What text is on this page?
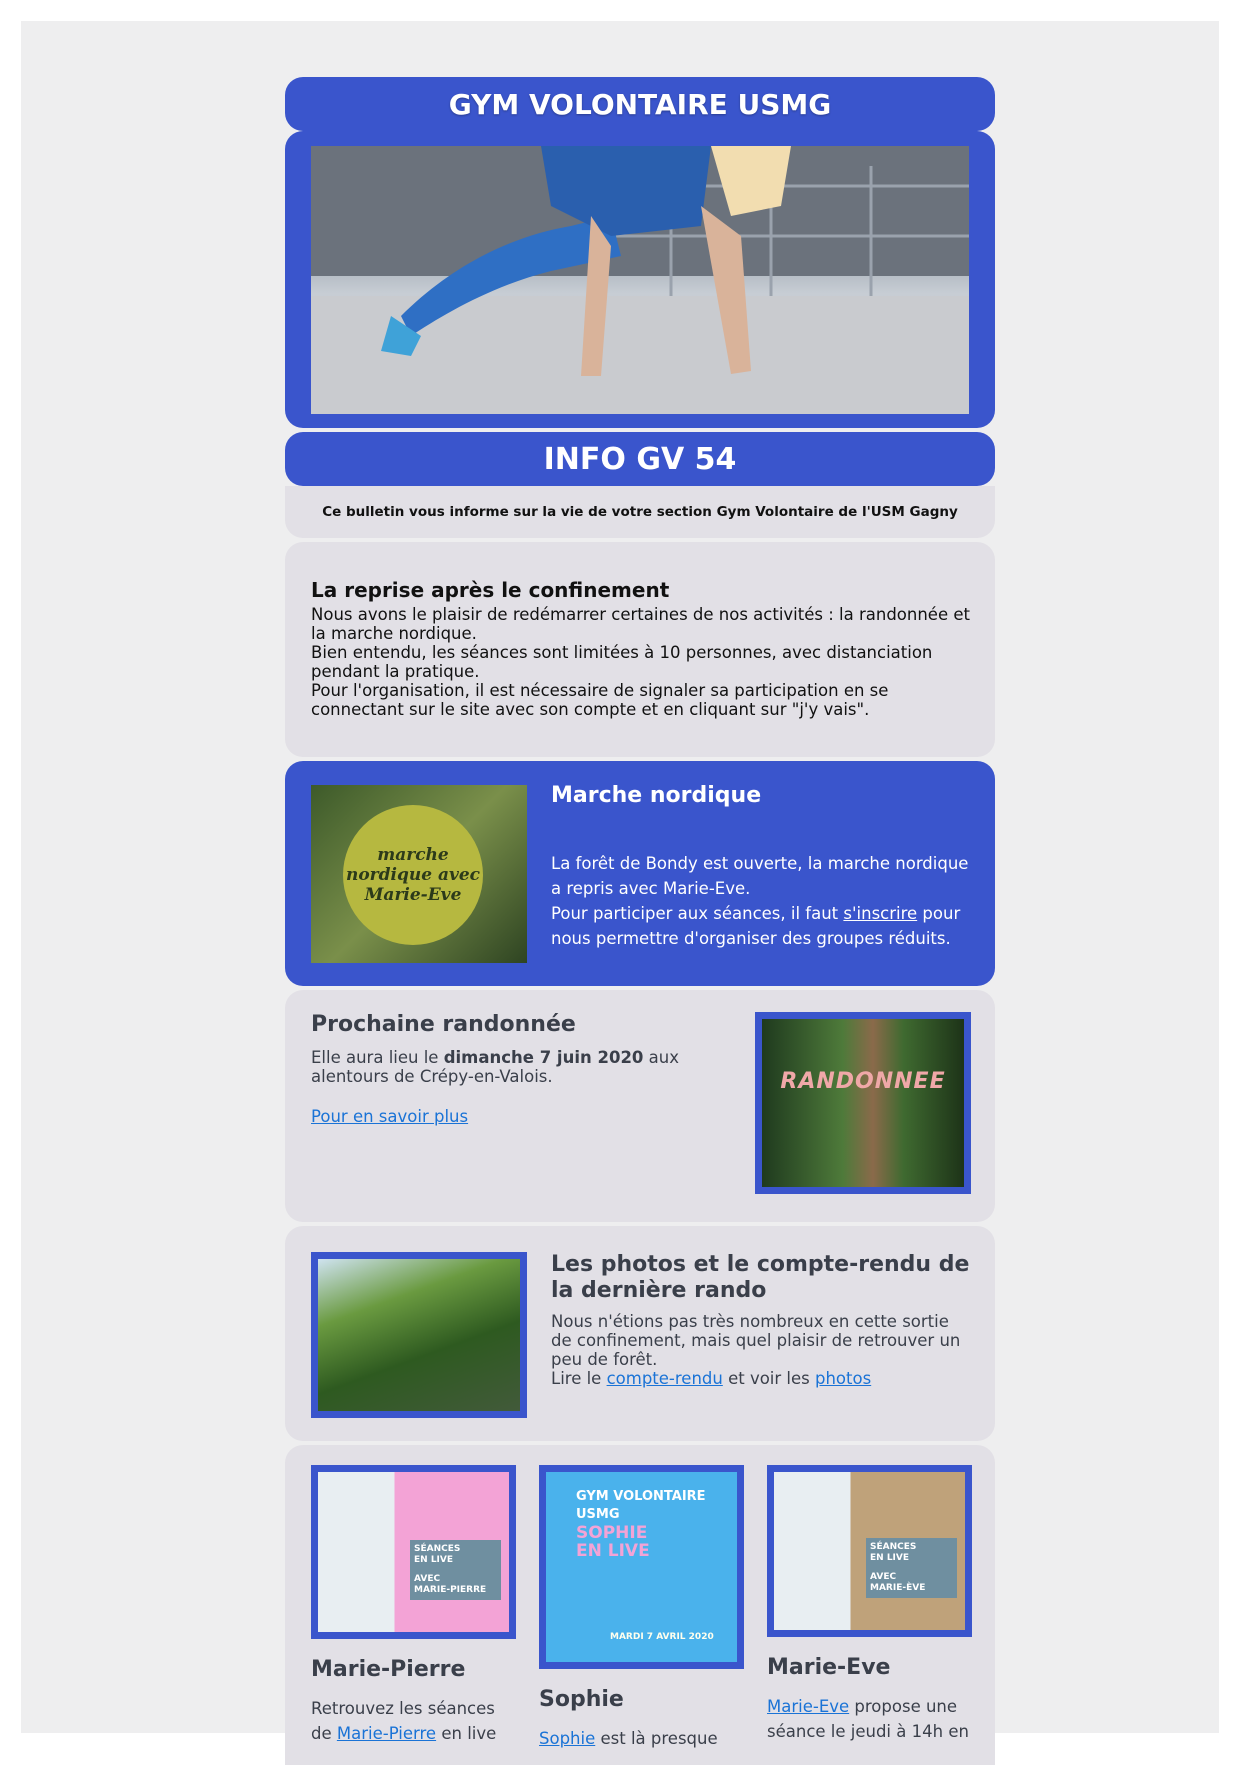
GYM VOLONTAIRE USMG
INFO GV 54
Ce bulletin vous informe sur la vie de votre section Gym Volontaire de l'USM Gagny
La reprise après le confinement
Nous avons le plaisir de redémarrer certaines de nos activités : la randonnée et la marche nordique.
Bien entendu, les séances sont limitées à 10 personnes, avec distanciation pendant la pratique.
Pour l'organisation, il est nécessaire de signaler sa participation en se connectant sur le site avec son compte et en cliquant sur "j'y vais".
marche nordique avec Marie-Eve
Marche nordique
La forêt de Bondy est ouverte, la marche nordique a repris avec Marie-Eve.
Pour participer aux séances, il faut s'inscrire pour nous permettre d'organiser des groupes réduits.
Prochaine randonnée
Elle aura lieu le dimanche 7 juin 2020 aux alentours de Crépy-en-Valois.
Pour en savoir plus
RANDONNEE
Les photos et le compte-rendu de la dernière rando
Nous n'étions pas très nombreux en cette sortie de confinement, mais quel plaisir de retrouver un peu de forêt.
Lire le compte-rendu et voir les photos
SÉANCES
EN LIVE
AVEC
MARIE-PIERRE
Marie-Pierre

Retrouvez les séances de Marie-Pierre en live

GYM VOLONTAIRE USMG
SOPHIE
EN LIVE
MARDI 7 AVRIL 2020
Sophie

Sophie est là presque

SÉANCES
EN LIVE
AVEC
MARIE-ÈVE
Marie-Eve

Marie-Eve propose une séance le jeudi à 14h en
